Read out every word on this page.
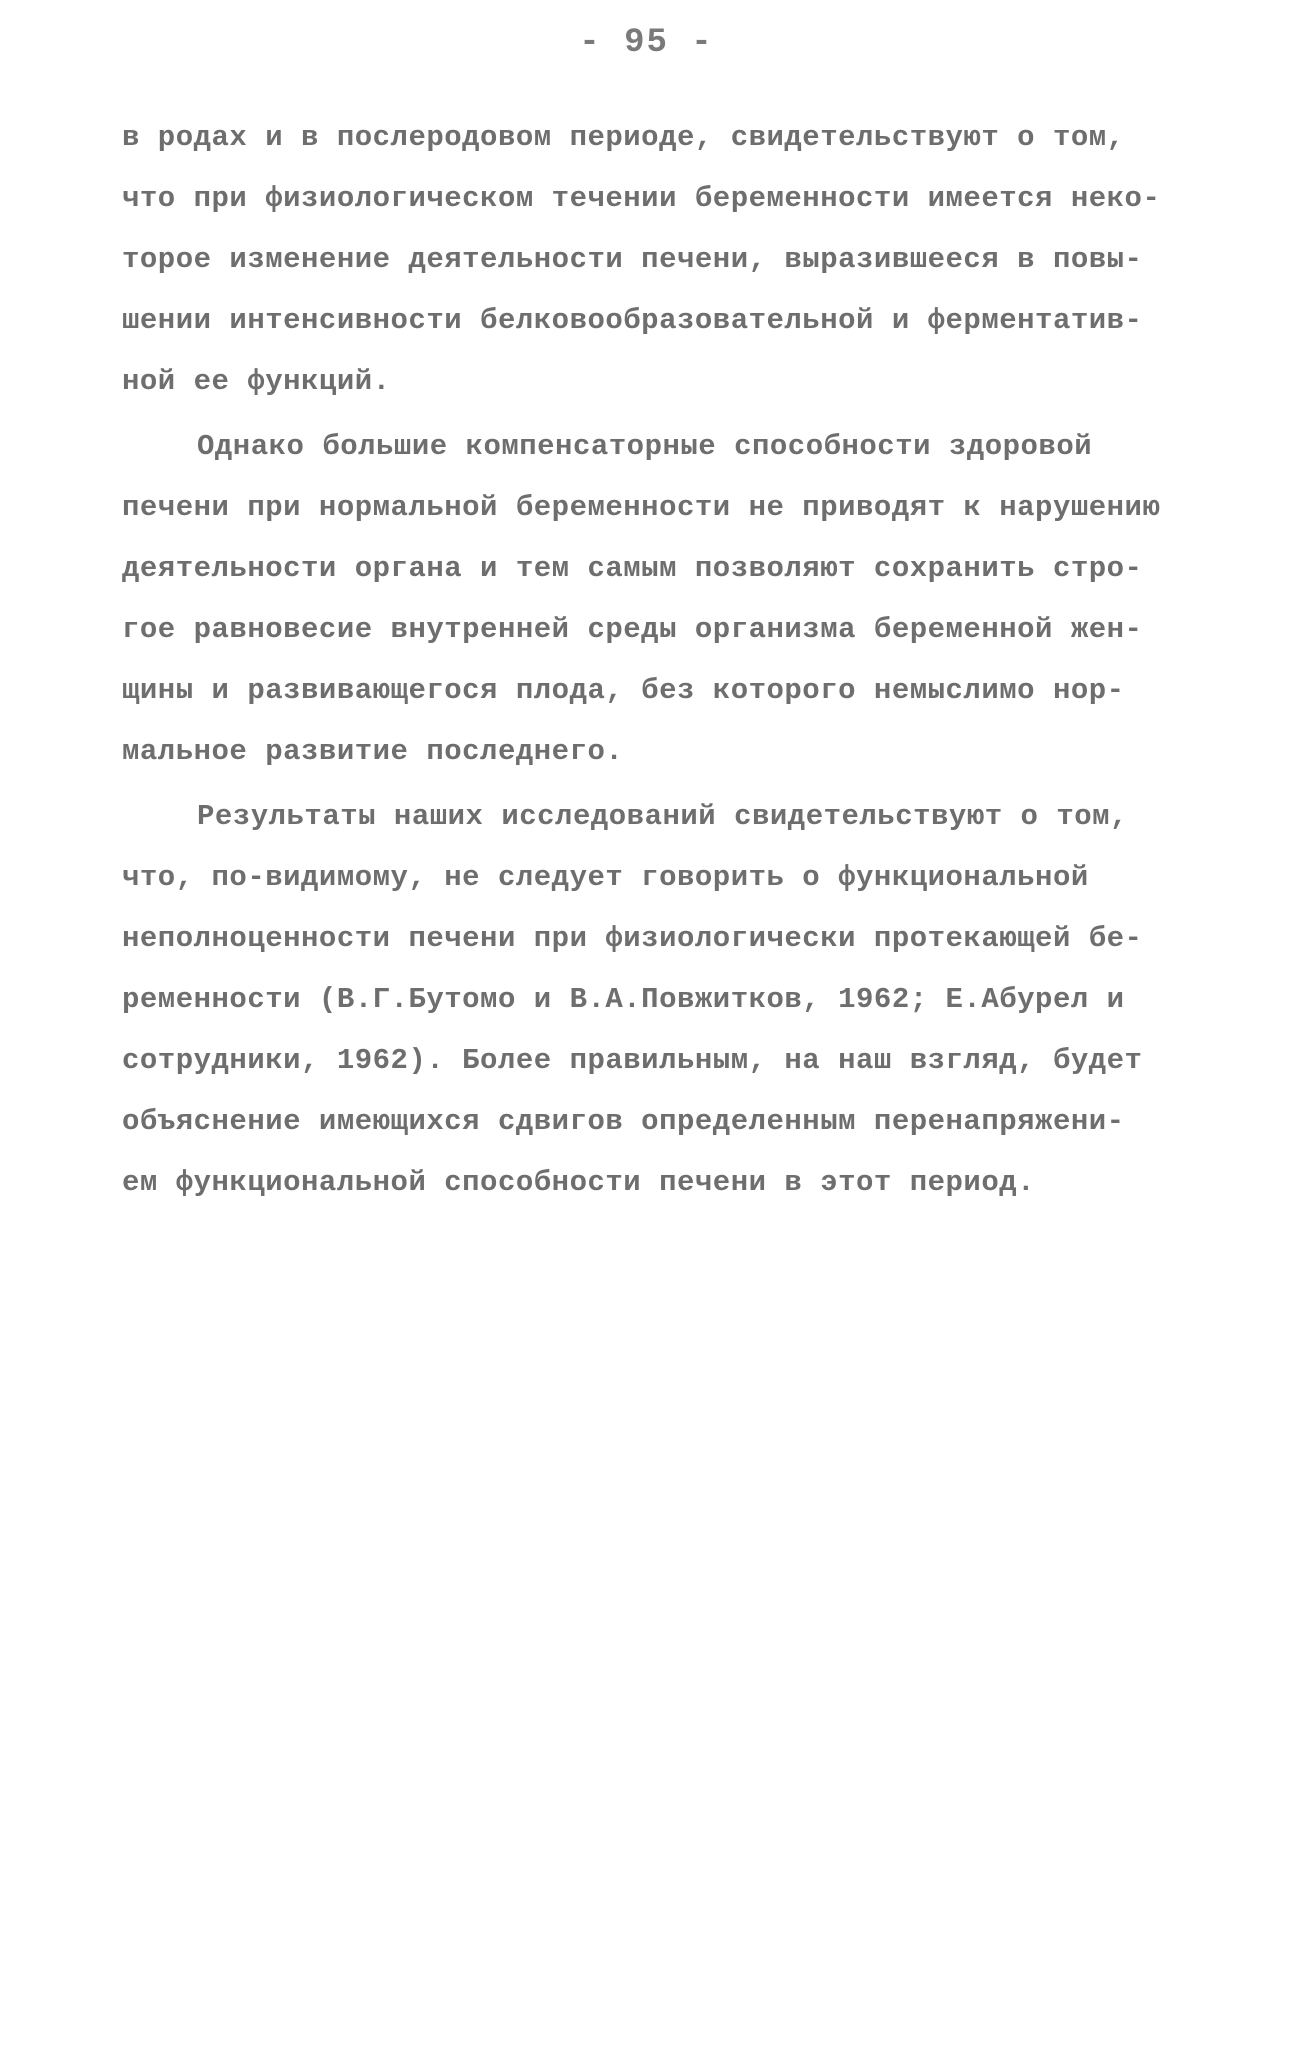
- 95 -
в родах и в послеродовом периоде, свидетельствуют о том,
что при физиологическом течении беременности имеется неко-
торое изменение деятельности печени, выразившееся в повы-
шении интенсивности белковообразовательной и ферментатив-
ной ее функций.
Однако большие компенсаторные способности здоровой
печени при нормальной беременности не приводят к нарушению
деятельности органа и тем самым позволяют сохранить стро-
гое равновесие внутренней среды организма беременной жен-
щины и развивающегося плода, без которого немыслимо нор-
мальное развитие последнего.
Результаты наших исследований свидетельствуют о том,
что, по-видимому, не следует говорить о функциональной
неполноценности печени при физиологически протекающей бе-
ременности (В.Г.Бутомо и В.А.Повжитков, 1962; Е.Абурел и
сотрудники, 1962). Более правильным, на наш взгляд, будет
объяснение имеющихся сдвигов определенным перенапряжени-
ем функциональной способности печени в этот период.
